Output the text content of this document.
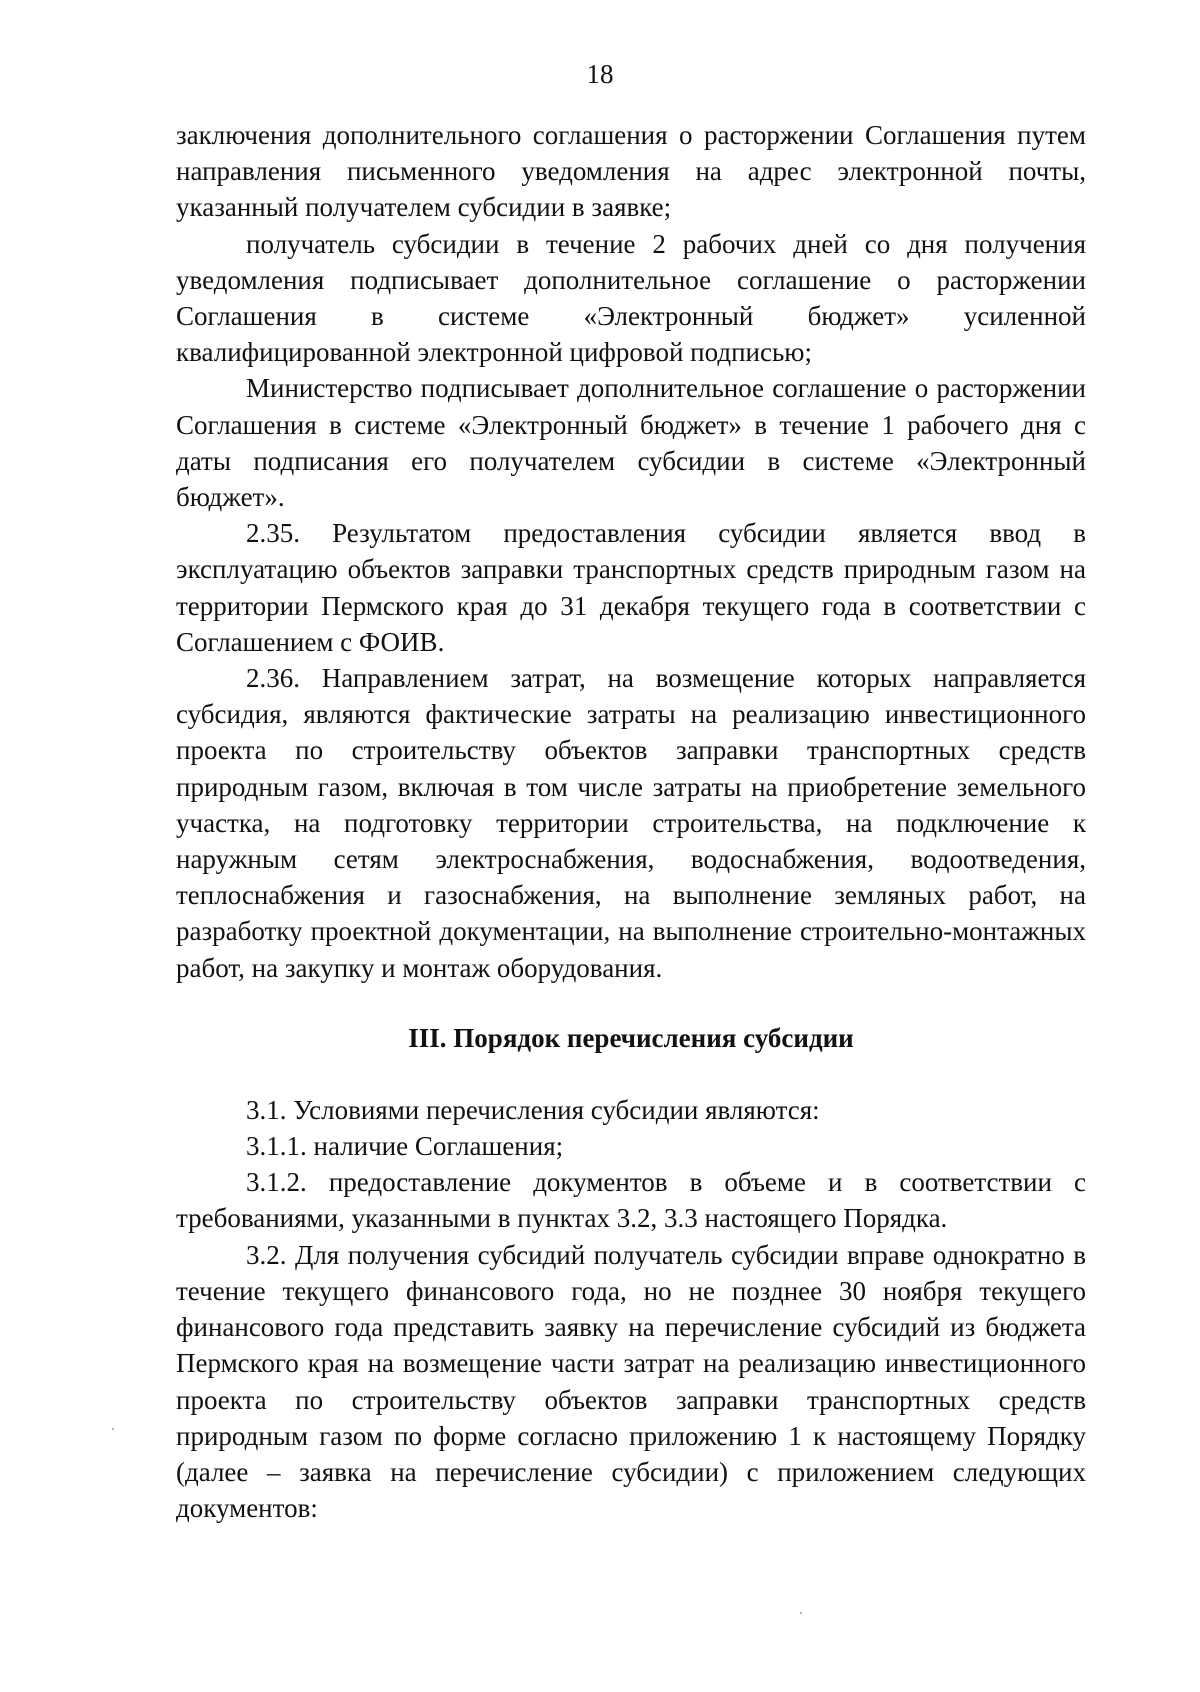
18

заключения дополнительного соглашения о расторжении Соглашения путем направления письменного уведомления на адрес электронной почты, указанный получателем субсидии в заявке;

получатель субсидии в течение 2 рабочих дней со дня получения уведомления подписывает дополнительное соглашение о расторжении Соглашения в системе «Электронный бюджет» усиленной квалифицированной электронной цифровой подписью;

Министерство подписывает дополнительное соглашение о расторжении Соглашения в системе «Электронный бюджет» в течение 1 рабочего дня с даты подписания его получателем субсидии в системе «Электронный бюджет».

2.35. Результатом предоставления субсидии является ввод в эксплуатацию объектов заправки транспортных средств природным газом на территории Пермского края до 31 декабря текущего года в соответствии с Соглашением с ФОИВ.

2.36. Направлением затрат, на возмещение которых направляется субсидия, являются фактические затраты на реализацию инвестиционного проекта по строительству объектов заправки транспортных средств природным газом, включая в том числе затраты на приобретение земельного участка, на подготовку территории строительства, на подключение к наружным сетям электроснабжения, водоснабжения, водоотведения, теплоснабжения и газоснабжения, на выполнение земляных работ, на разработку проектной документации, на выполнение строительно-монтажных работ, на закупку и монтаж оборудования.

III. Порядок перечисления субсидии

3.1. Условиями перечисления субсидии являются:

3.1.1. наличие Соглашения;

3.1.2. предоставление документов в объеме и в соответствии с требованиями, указанными в пунктах 3.2, 3.3 настоящего Порядка.

3.2. Для получения субсидий получатель субсидии вправе однократно в течение текущего финансового года, но не позднее 30 ноября текущего финансового года представить заявку на перечисление субсидий из бюджета Пермского края на возмещение части затрат на реализацию инвестиционного проекта по строительству объектов заправки транспортных средств природным газом по форме согласно приложению 1 к настоящему Порядку (далее – заявка на перечисление субсидии) с приложением следующих документов:
